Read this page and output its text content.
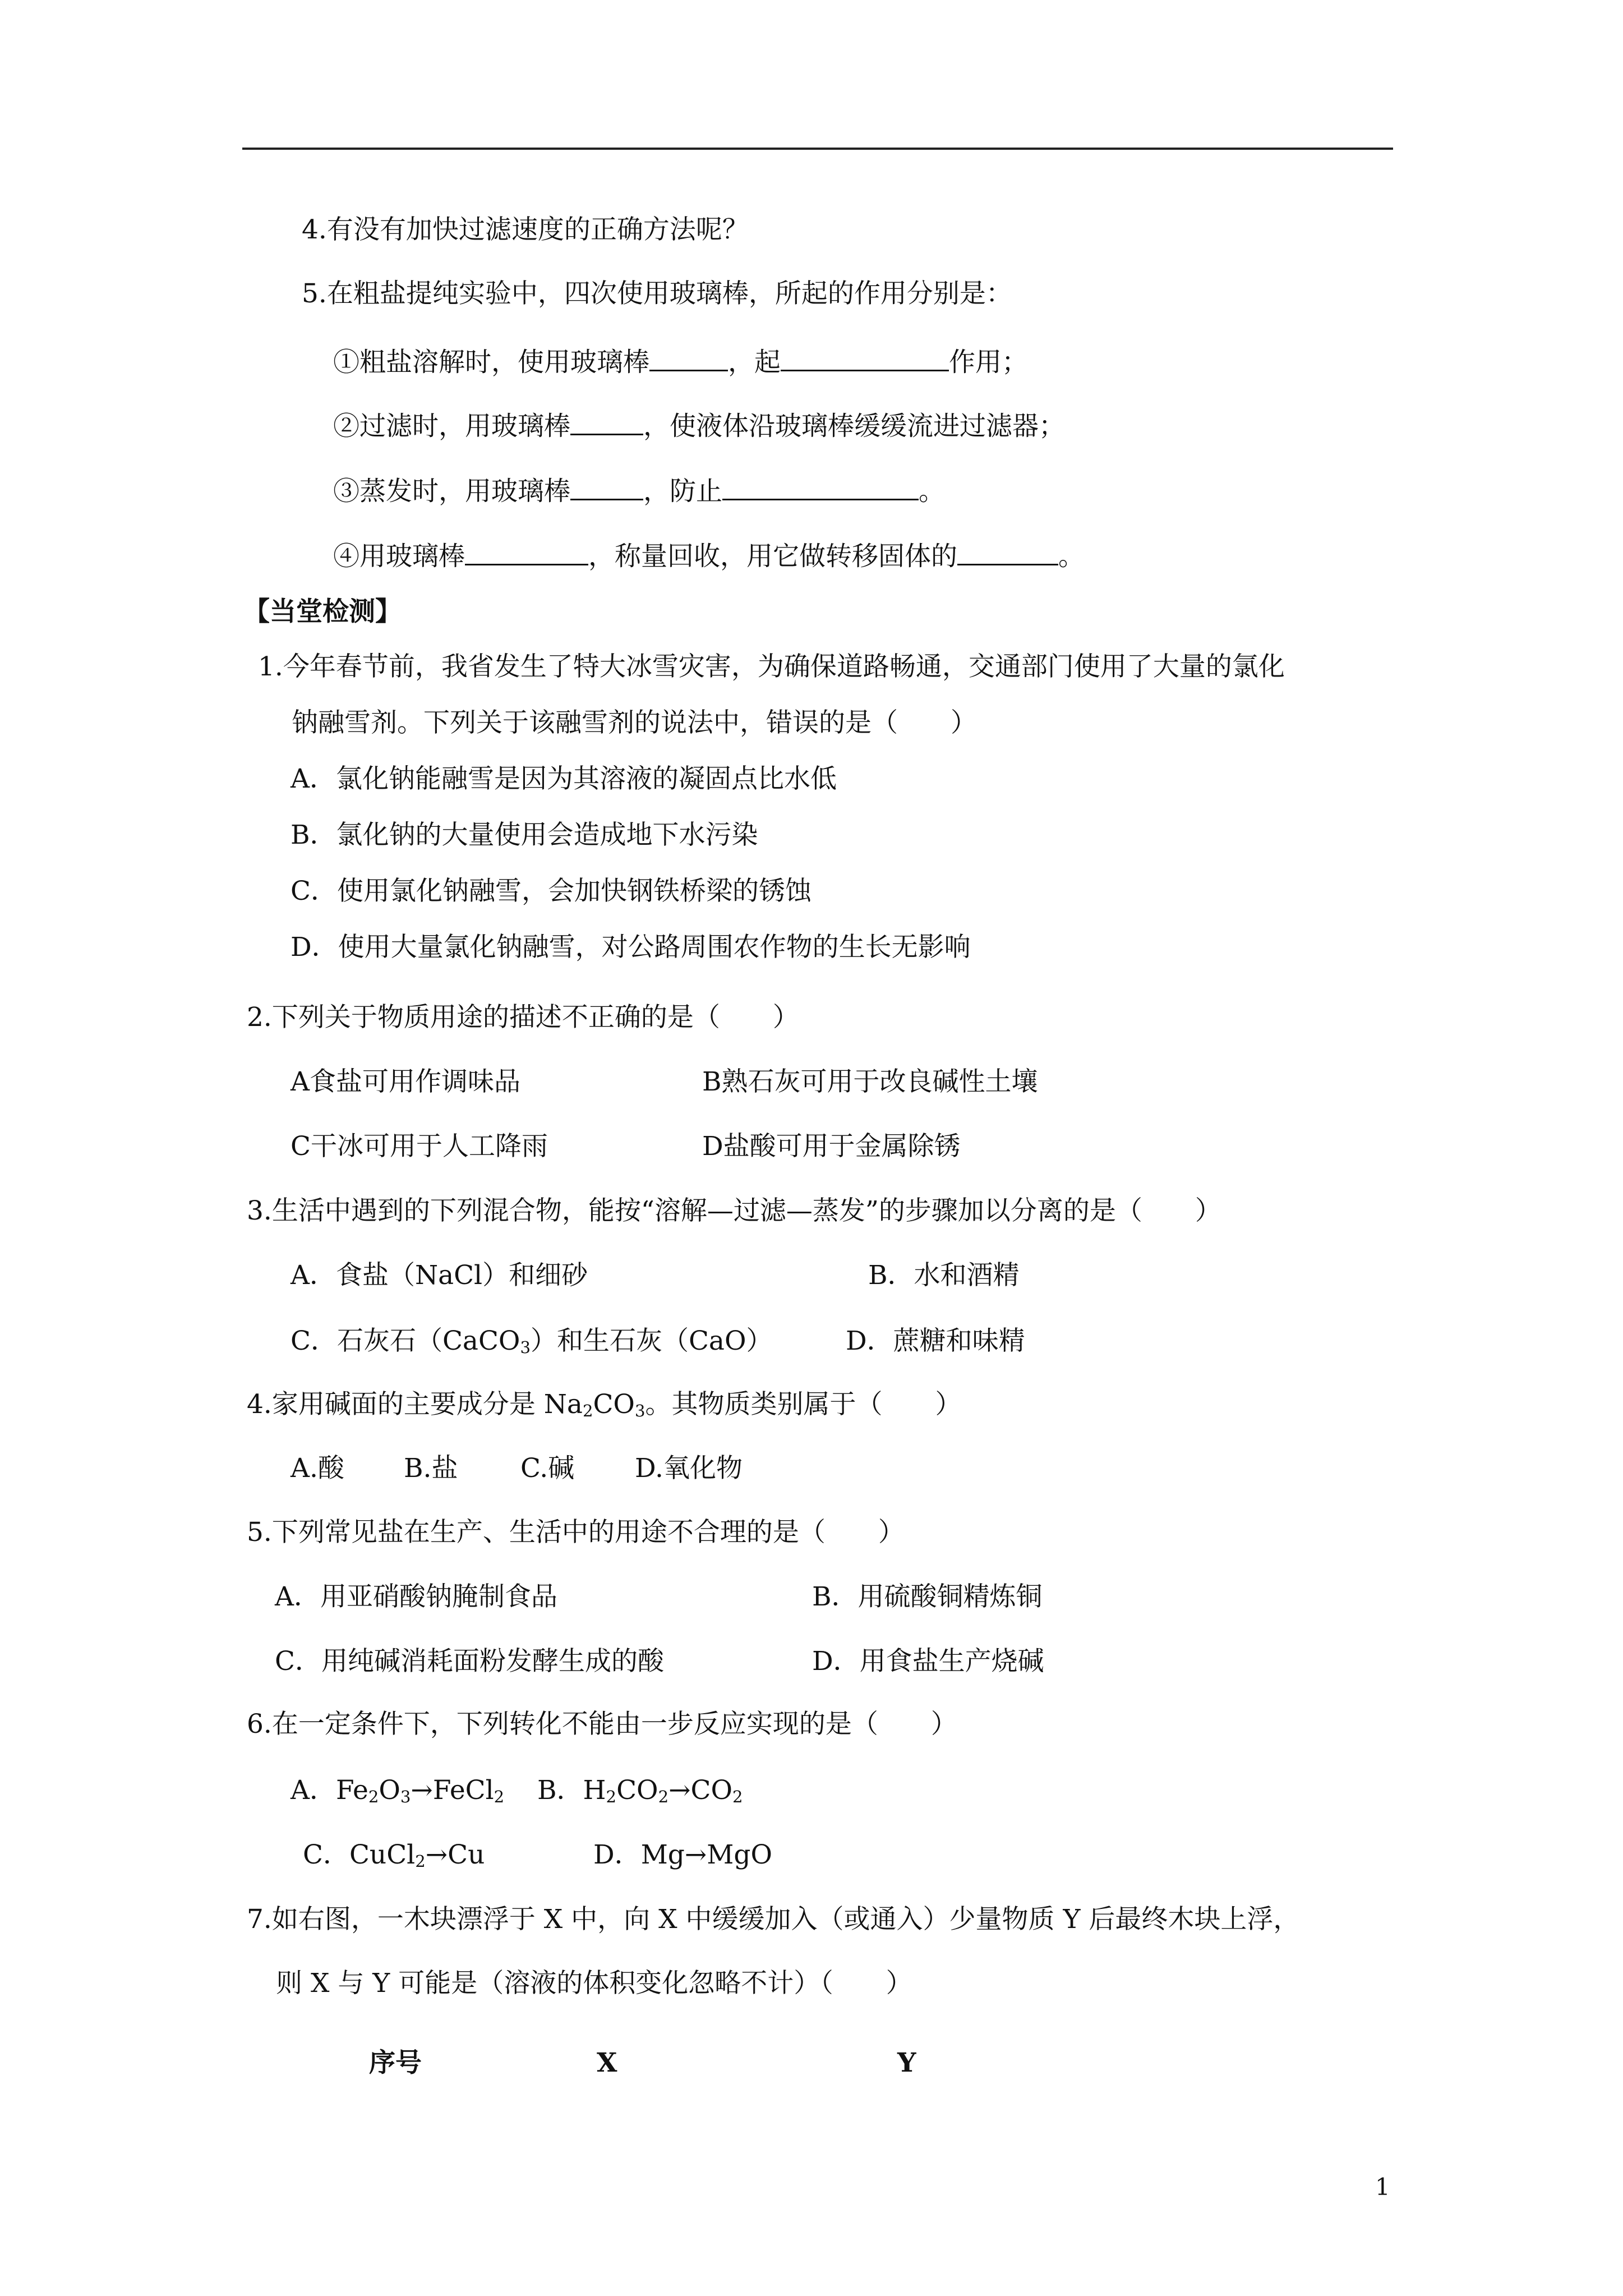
4.有没有加快过滤速度的正确方法呢？
5.在粗盐提纯实验中，四次使用玻璃棒，所起的作用分别是：
①粗盐溶解时，使用玻璃棒	，起	作用；
②过滤时，用玻璃棒	，使液体沿玻璃棒缓缓流进过滤器；
③蒸发时，用玻璃棒	，防止	。
④用玻璃棒	，称量回收，用它做转移固体的	。
【当堂检测】
1.今年春节前，我省发生了特大冰雪灾害，为确保道路畅通，交通部门使用了大量的氯化
钠融雪剂。下列关于该融雪剂的说法中，错误的是（　　）
A．氯化钠能融雪是因为其溶液的凝固点比水低
B．氯化钠的大量使用会造成地下水污染
C．使用氯化钠融雪，会加快钢铁桥梁的锈蚀
D．使用大量氯化钠融雪，对公路周围农作物的生长无影响
2.下列关于物质用途的描述不正确的是（　　）
A食盐可用作调味品	B熟石灰可用于改良碱性土壤
C干冰可用于人工降雨	D盐酸可用于金属除锈
3.生活中遇到的下列混合物，能按“溶解—过滤—蒸发”的步骤加以分离的是（　　）
A．食盐（NaCl）和细砂	B．水和酒精
C．石灰石（CaCO$_3$）和生石灰（CaO）	D．蔗糖和味精
4.家用碱面的主要成分是 $Na_2CO_3$。其物质类别属于（　　）
A.酸 B.盐 C.碱 D.氧化物
5.下列常见盐在生产、生活中的用途不合理的是（　　）
A．用亚硝酸钠腌制食品	B．用硫酸铜精炼铜
C．用纯碱消耗面粉发酵生成的酸	D．用食盐生产烧碱
6.在一定条件下，下列转化不能由一步反应实现的是（　　）
A．$Fe_2O_3\to FeCl_2$ B．$H_2CO_2\to CO_2$
C．CuCl$_2$→Cu	D．Mg→MgO
7.如右图，一木块漂浮于 X 中，向 X 中缓缓加入（或通入）少量物质 Y 后最终木块上浮，
则 X 与 Y 可能是（溶液的体积变化忽略不计）（　　）
序号	X	Y
1
